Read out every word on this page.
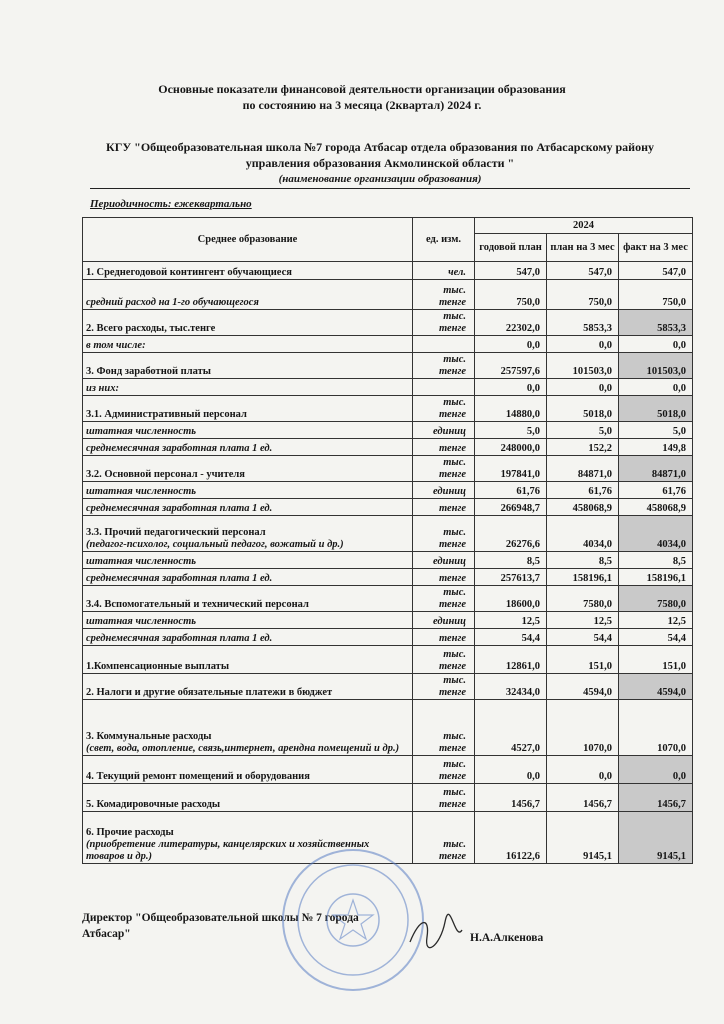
Основные показатели финансовой деятельности организации образования
по состоянию на 3 месяца (2квартал) 2024 г.
КГУ "Общеобразовательная школа №7 города Атбасар отдела образования по Атбасарскому району управления образования Акмолинской области "
(наименование организации образования)
Периодичность: ежеквартально
Среднее образование	ед. изм.	2024		
		годовой план	план на 3 мес	факт на 3 мес

1. Среднегодовой контингент обучающиеся	чел.	547,0	547,0	547,0

средний расход на 1-го обучающегося	тыс. тенге	750,0	750,0	750,0

2. Всего расходы, тыс.тенге	тыс. тенге	22302,0	5853,3	5853,3

в том числе:		0,0	0,0	0,0

3. Фонд заработной платы	тыс. тенге	257597,6	101503,0	101503,0

из них:		0,0	0,0	0,0

3.1. Административный персонал	тыс. тенге	14880,0	5018,0	5018,0

штатная численность	единиц	5,0	5,0	5,0

среднемесячная заработная плата 1 ед.	тенге	248000,0	152,2	149,8

3.2. Основной персонал - учителя	тыс. тенге	197841,0	84871,0	84871,0

штатная численность	единиц	61,76	61,76	61,76

среднемесячная заработная плата 1 ед.	тенге	266948,7	458068,9	458068,9

3.3. Прочий педагогический персонал
(педагог-психолог, социальный педагог, вожатый и др.)	тыс. тенге	26276,6	4034,0	4034,0

штатная численность	единиц	8,5	8,5	8,5

среднемесячная заработная плата 1 ед.	тенге	257613,7	158196,1	158196,1

3.4. Вспомогательный и технический персонал	тыс. тенге	18600,0	7580,0	7580,0

штатная численность	единиц	12,5	12,5	12,5

среднемесячная заработная плата 1 ед.	тенге	54,4	54,4	54,4

1.Компенсационные выплаты	тыс. тенге	12861,0	151,0	151,0

2. Налоги и другие обязательные платежи в бюджет	тыс. тенге	32434,0	4594,0	4594,0

3. Коммунальные расходы
(свет, вода, отопление, связь,интернет, арендна помещений и др.)	тыс. тенге	4527,0	1070,0	1070,0

4. Текущий ремонт помещений и оборудования	тыс. тенге	0,0	0,0	0,0

5. Комадировочные расходы	тыс. тенге	1456,7	1456,7	1456,7

6. Прочие расходы
(приобретение литературы, канцелярских и хозяйственных товаров и др.)	тыс. тенге	16122,6	9145,1	9145,1
Директор "Общеобразовательной школы № 7 города
Атбасар"	Н.А.Алкенова
